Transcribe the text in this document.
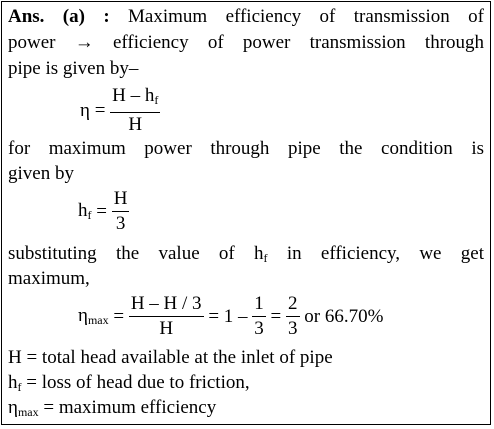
Ans. (a) : Maximum efficiency of transmission of
power → efficiency of power transmission through
pipe is given by–
$\eta = \frac{H - h_f}{H}$
for maximum power through pipe the condition is
given by
$h_f = \frac{H}{3}$
substituting the value of $h_f$ in efficiency, we get
maximum,
$\eta_{max} = \frac{H - H / 3}{H} = 1 - \frac{1}{3} = \frac{2}{3}$ or 66.70%
H = total head available at the inlet of pipe
$h_f$ = loss of head due to friction,
$\eta_{max}$ = maximum efficiency
